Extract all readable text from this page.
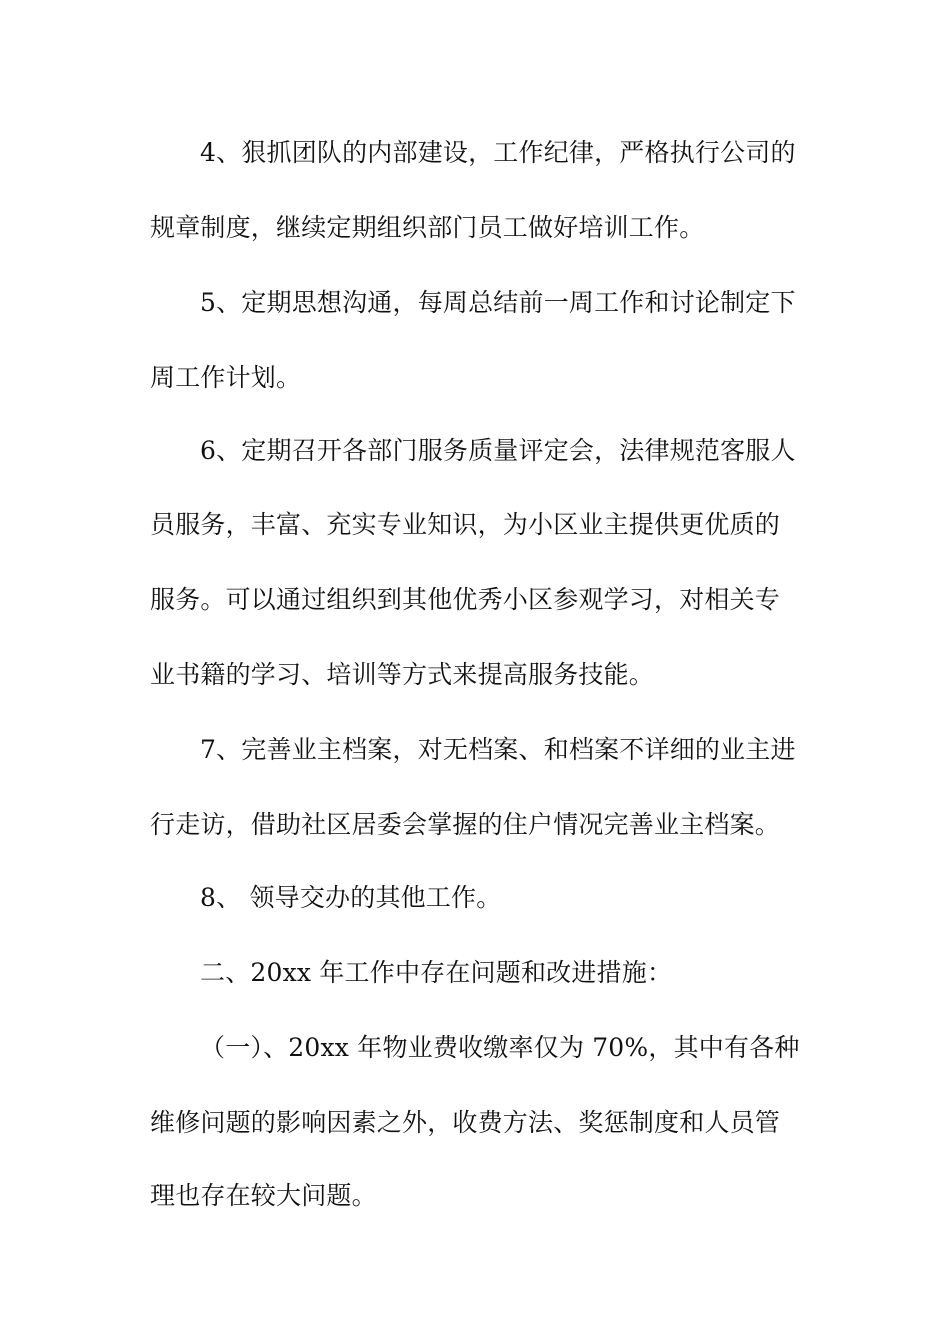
4、狠抓团队的内部建设，工作纪律，严格执行公司的
规章制度，继续定期组织部门员工做好培训工作。
5、定期思想沟通，每周总结前一周工作和讨论制定下
周工作计划。
6、定期召开各部门服务质量评定会，法律规范客服人
员服务，丰富、充实专业知识，为小区业主提供更优质的
服务。可以通过组织到其他优秀小区参观学习，对相关专
业书籍的学习、培训等方式来提高服务技能。
7、完善业主档案，对无档案、和档案不详细的业主进
行走访，借助社区居委会掌握的住户情况完善业主档案。
8、 领导交办的其他工作。
二、20xx 年工作中存在问题和改进措施：
（一）、20xx 年物业费收缴率仅为 70%，其中有各种
维修问题的影响因素之外，收费方法、奖惩制度和人员管
理也存在较大问题。
